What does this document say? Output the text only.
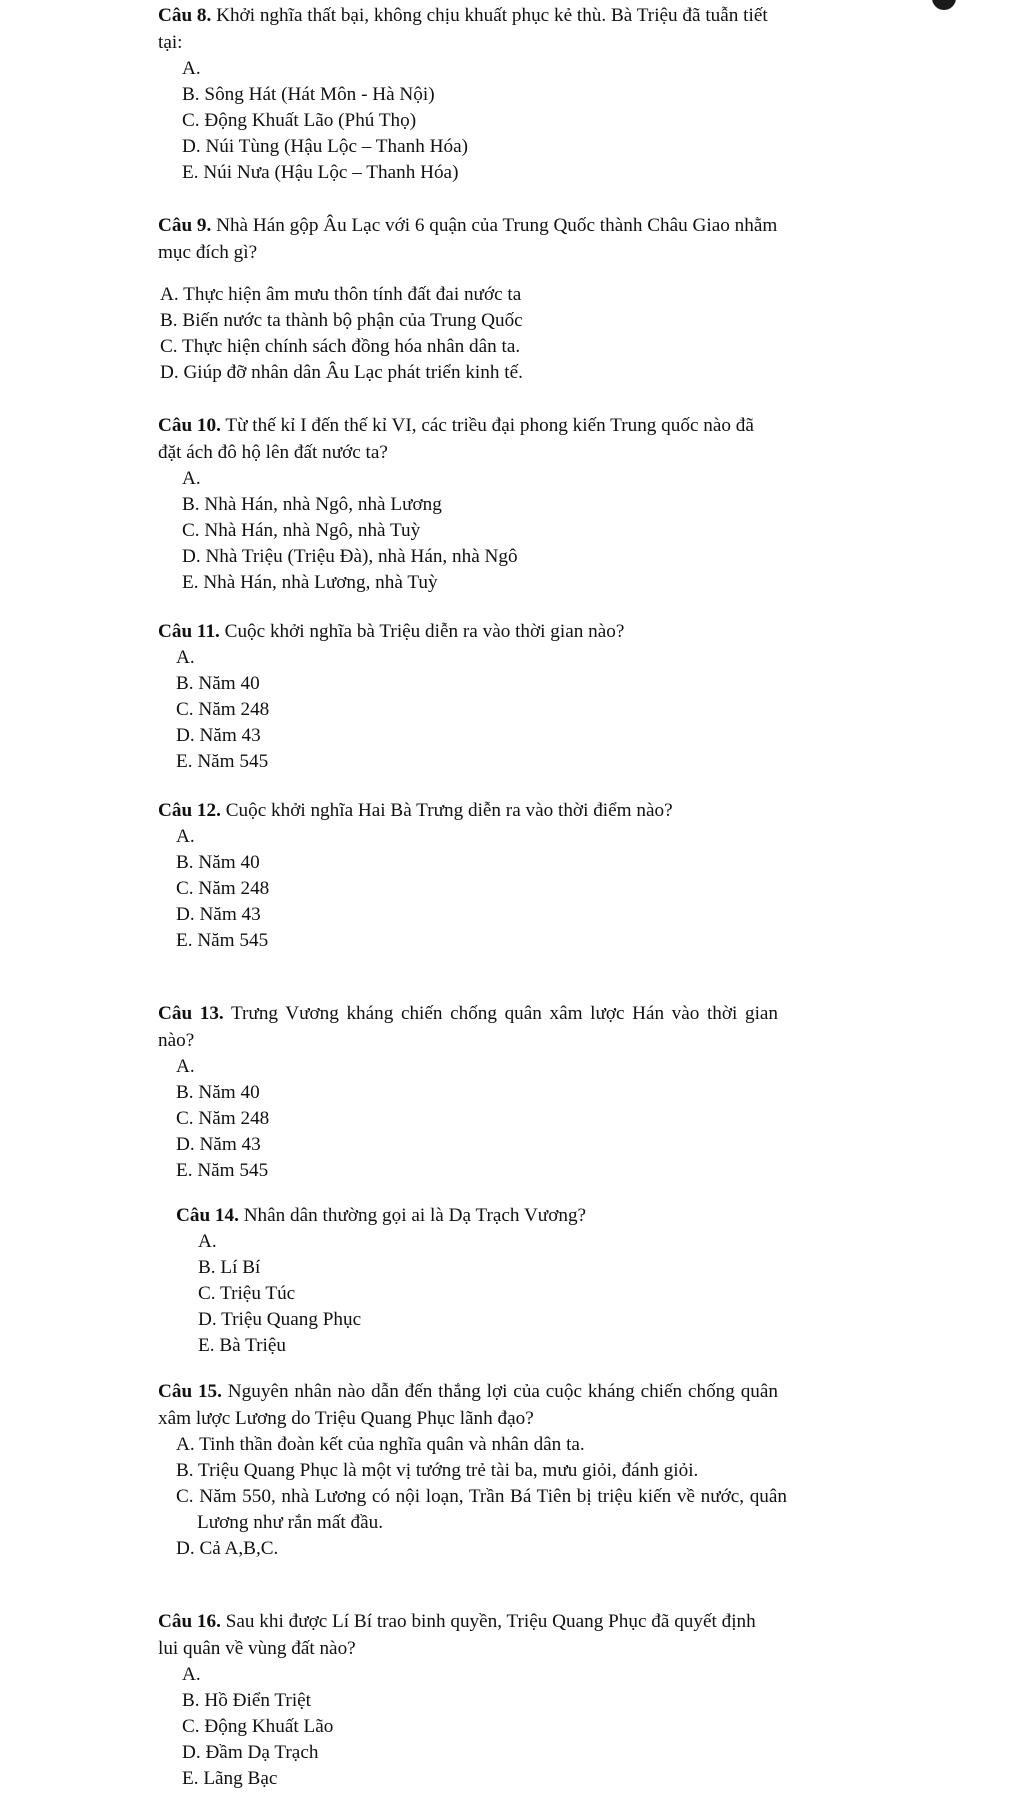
Câu 8. Khởi nghĩa thất bại, không chịu khuất phục kẻ thù. Bà Triệu đã tuẫn tiết tại:
A.
B. Sông Hát (Hát Môn - Hà Nội)
C. Động Khuất Lão (Phú Thọ)
D. Núi Tùng (Hậu Lộc – Thanh Hóa)
E. Núi Nưa (Hậu Lộc – Thanh Hóa)
Câu 9. Nhà Hán gộp Âu Lạc với 6 quận của Trung Quốc thành Châu Giao nhằm mục đích gì?
A. Thực hiện âm mưu thôn tính đất đai nước ta
B. Biến nước ta thành bộ phận của Trung Quốc
C. Thực hiện chính sách đồng hóa nhân dân ta.
D. Giúp đỡ nhân dân Âu Lạc phát triển kinh tế.
Câu 10. Từ thế kỉ I đến thế kỉ VI, các triều đại phong kiến Trung quốc nào đã đặt ách đô hộ lên đất nước ta?
A.
B. Nhà Hán, nhà Ngô, nhà Lương
C. Nhà Hán, nhà Ngô, nhà Tuỳ
D. Nhà Triệu (Triệu Đà), nhà Hán, nhà Ngô
E. Nhà Hán, nhà Lương, nhà Tuỳ
Câu 11. Cuộc khởi nghĩa bà Triệu diễn ra vào thời gian nào?
A.
B. Năm 40
C. Năm 248
D. Năm 43
E. Năm 545
Câu 12. Cuộc khởi nghĩa Hai Bà Trưng diễn ra vào thời điểm nào?
A.
B. Năm 40
C. Năm 248
D. Năm 43
E. Năm 545
Câu 13. Trưng Vương kháng chiến chống quân xâm lược Hán vào thời gian nào?
A.
B. Năm 40
C. Năm 248
D. Năm 43
E. Năm 545
Câu 14. Nhân dân thường gọi ai là Dạ Trạch Vương?
A.
B. Lí Bí
C. Triệu Túc
D. Triệu Quang Phục
E. Bà Triệu
Câu 15. Nguyên nhân nào dẫn đến thắng lợi của cuộc kháng chiến chống quân xâm lược Lương do Triệu Quang Phục lãnh đạo?
A. Tinh thần đoàn kết của nghĩa quân và nhân dân ta.
B. Triệu Quang Phục là một vị tướng trẻ tài ba, mưu giỏi, đánh giỏi.
C. Năm 550, nhà Lương có nội loạn, Trần Bá Tiên bị triệu kiến về nước, quân Lương như rắn mất đầu.
D. Cả A,B,C.
Câu 16. Sau khi được Lí Bí trao binh quyền, Triệu Quang Phục đã quyết định lui quân về vùng đất nào?
A.
B. Hồ Điển Triệt
C. Động Khuất Lão
D. Đầm Dạ Trạch
E. Lãng Bạc
